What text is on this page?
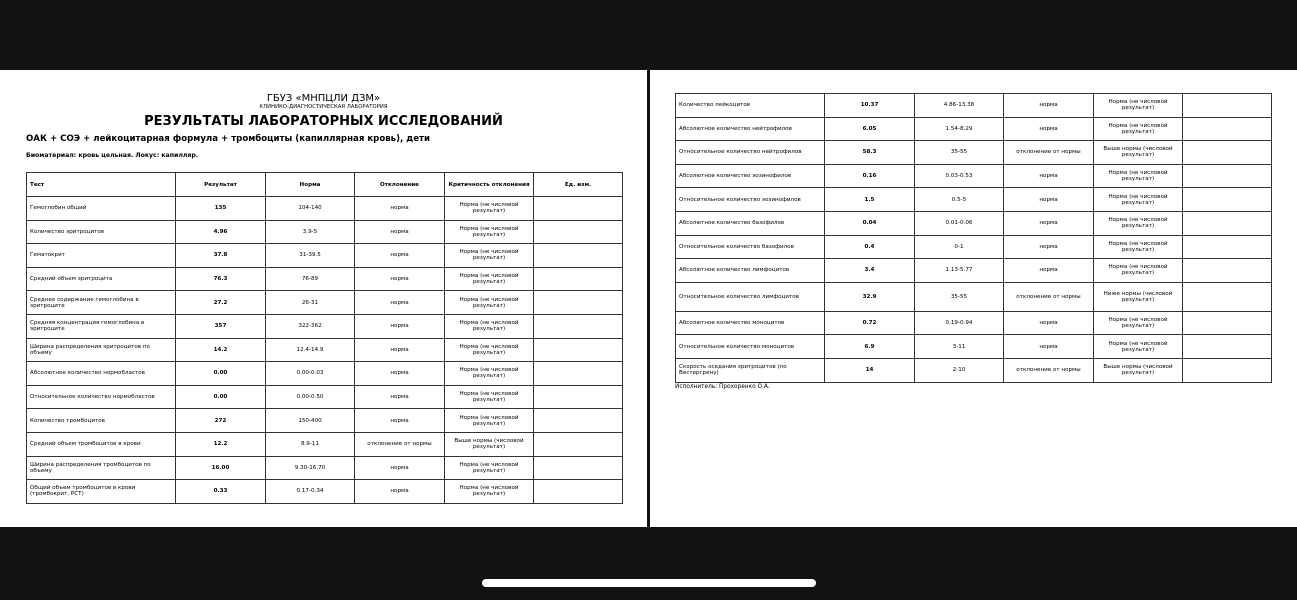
ГБУЗ «МНПЦЛИ ДЗМ»
КЛИНИКО-ДИАГНОСТИЧЕСКАЯ ЛАБОРАТОРИЯ
РЕЗУЛЬТАТЫ ЛАБОРАТОРНЫХ ИССЛЕДОВАНИЙ
ОАК + СОЭ + лейкоцитарная формула + тромбоциты (капиллярная кровь), дети
Биоматериал: кровь цельная. Локус: капилляр.
Тест	Результат	Норма	Отклонение	Критичность отклонения	Ед. изм.
Гемоглобин общий	135	104-140	норма	Норма (не числовой результат)	
Количество эритроцитов	4.96	3.9-5	норма	Норма (не числовой результат)	
Гематокрит	37.8	31-39.5	норма	Норма (не числовой результат)	
Средний объем эритроцита	76.3	76-89	норма	Норма (не числовой результат)	
Среднее содержание гемоглобина в эритроците	27.2	26-31	норма	Норма (не числовой результат)	
Средняя концентрация гемоглобина в эритроците	357	322-362	норма	Норма (не числовой результат)	
Ширина распределения эритроцитов по объему	14.2	12.4-14.9	норма	Норма (не числовой результат)	
Абсолютное количество нормобластов	0.00	0.00-0.03	норма	Норма (не числовой результат)	
Относительное количество нормобластов	0.00	0.00-0.50	норма	Норма (не числовой результат)	
Количество тромбоцитов	272	150-400	норма	Норма (не числовой результат)	
Средний объем тромбоцитов в крови	12.2	8.9-11	отклонение от нормы	Выше нормы (числовой результат)	
Ширина распределения тромбоцитов по объему	16.00	9.30-16.70	норма	Норма (не числовой результат)	
Общий объем тромбоцитов в крови (тромбокрит, PCT)	0.33	0.17-0.34	норма	Норма (не числовой результат)	
Количество лейкоцитов	10.37	4.86-13.38	норма	Норма (не числовой результат)	
Абсолютное количество нейтрофилов	6.05	1.54-8.29	норма	Норма (не числовой результат)	
Относительное количество нейтрофилов	58.3	35-55	отклонение от нормы	Выше нормы (числовой результат)	
Абсолютное количество эозинофилов	0.16	0.03-0.53	норма	Норма (не числовой результат)	
Относительное количество эозинофилов	1.5	0.5-5	норма	Норма (не числовой результат)	
Абсолютное количество базофилов	0.04	0.01-0.06	норма	Норма (не числовой результат)	
Относительное количество базофилов	0.4	0-1	норма	Норма (не числовой результат)	
Абсолютное количество лимфоцитов	3.4	1.13-5.77	норма	Норма (не числовой результат)	
Относительное количество лимфоцитов	32.9	35-55	отклонение от нормы	Ниже нормы (числовой результат)	
Абсолютное количество моноцитов	0.72	0.19-0.94	норма	Норма (не числовой результат)	
Относительное количество моноцитов	6.9	3-11	норма	Норма (не числовой результат)	
Скорость оседания эритроцитов (по Вестергрену)	14	2-10	отклонение от нормы	Выше нормы (числовой результат)	
Исполнитель: Прохоренко О.А.
